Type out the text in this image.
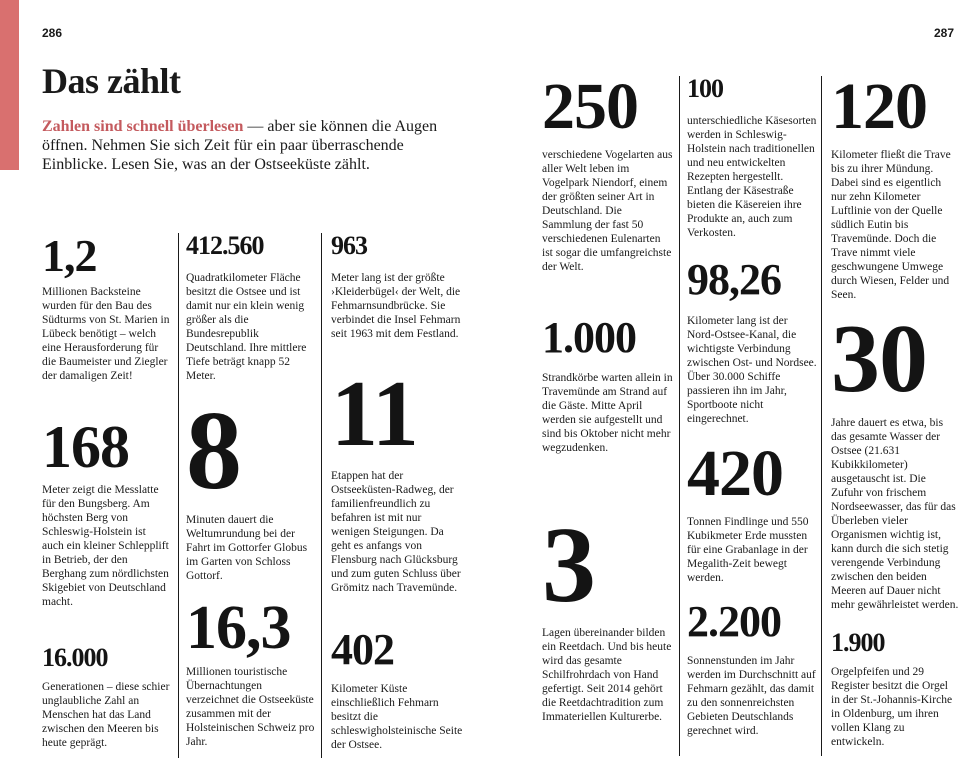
286	287
Das zählt

Zahlen sind schnell überlesen — aber sie können die Augen öffnen. Nehmen Sie sich Zeit für ein paar überraschende Einblicke. Lesen Sie, was an der Ostseeküste zählt.

1,2
Millionen Backsteine wurden für den Bau des Südturms von St. Marien in Lübeck benötigt – welch eine Herausforderung für die Baumeister und Ziegler der damaligen Zeit!
168
Meter zeigt die Messlatte für den Bungsberg. Am höchsten Berg von Schleswig-Holstein ist auch ein kleiner Schlepplift in Betrieb, der den Berghang zum nördlichsten Skigebiet von Deutschland macht.
16.000
Generationen – diese schier unglaubliche Zahl an Menschen hat das Land zwischen den Meeren bis heute geprägt.
412.560
Quadratkilometer Fläche besitzt die Ostsee und ist damit nur ein klein wenig größer als die Bundesrepublik Deutschland. Ihre mittlere Tiefe beträgt knapp 52 Meter.
8
Minuten dauert die Weltumrundung bei der Fahrt im Gottorfer Globus im Garten von Schloss Gottorf.
16,3
Millionen touristische Übernachtungen verzeichnet die Ostseeküste zusammen mit der Holsteinischen Schweiz pro Jahr.
963
Meter lang ist der größte ›Kleiderbügel‹ der Welt, die Fehmarnsundbrücke. Sie verbindet die Insel Fehmarn seit 1963 mit dem Festland.
11
Etappen hat der Ostseeküsten-Radweg, der familienfreundlich zu befahren ist mit nur wenigen Steigungen. Da geht es anfangs von Flensburg nach Glücksburg und zum guten Schluss über Grömitz nach Travemünde.
402
Kilometer Küste einschließlich Fehmarn besitzt die schleswigholsteinische Seite der Ostsee.
250
verschiedene Vogelarten aus aller Welt leben im Vogelpark Niendorf, einem der größten seiner Art in Deutschland. Die Sammlung der fast 50 verschiedenen Eulenarten ist sogar die umfangreichste der Welt.
1.000
Strandkörbe warten allein in Travemünde am Strand auf die Gäste. Mitte April werden sie aufgestellt und sind bis Oktober nicht mehr wegzudenken.
3
Lagen übereinander bilden ein Reetdach. Und bis heute wird das gesamte Schilfrohrdach von Hand gefertigt. Seit 2014 gehört die Reetdachtradition zum Immateriellen Kulturerbe.
100
unterschiedliche Käsesorten werden in Schleswig-Holstein nach traditionellen und neu entwickelten Rezepten hergestellt. Entlang der Käsestraße bieten die Käsereien ihre Produkte an, auch zum Verkosten.
98,26
Kilometer lang ist der Nord-Ostsee-Kanal, die wichtigste Verbindung zwischen Ost- und Nordsee. Über 30.000 Schiffe passieren ihn im Jahr, Sportboote nicht eingerechnet.
420
Tonnen Findlinge und 550 Kubikmeter Erde mussten für eine Grabanlage in der Megalith-Zeit bewegt werden.
2.200
Sonnenstunden im Jahr werden im Durchschnitt auf Fehmarn gezählt, das damit zu den sonnenreichsten Gebieten Deutschlands gerechnet wird.
120
Kilometer fließt die Trave bis zu ihrer Mündung. Dabei sind es eigentlich nur zehn Kilometer Luftlinie von der Quelle südlich Eutin bis Travemünde. Doch die Trave nimmt viele geschwungene Umwege durch Wiesen, Felder und Seen.
30
Jahre dauert es etwa, bis das gesamte Wasser der Ostsee (21.631 Kubikkilometer) ausgetauscht ist. Die Zufuhr von frischem Nordseewasser, das für das Überleben vieler Organismen wichtig ist, kann durch die sich stetig verengende Verbindung zwischen den beiden Meeren auf Dauer nicht mehr gewährleistet werden.
1.900
Orgelpfeifen und 29 Register besitzt die Orgel in der St.-Johannis-Kirche in Oldenburg, um ihren vollen Klang zu entwickeln.
